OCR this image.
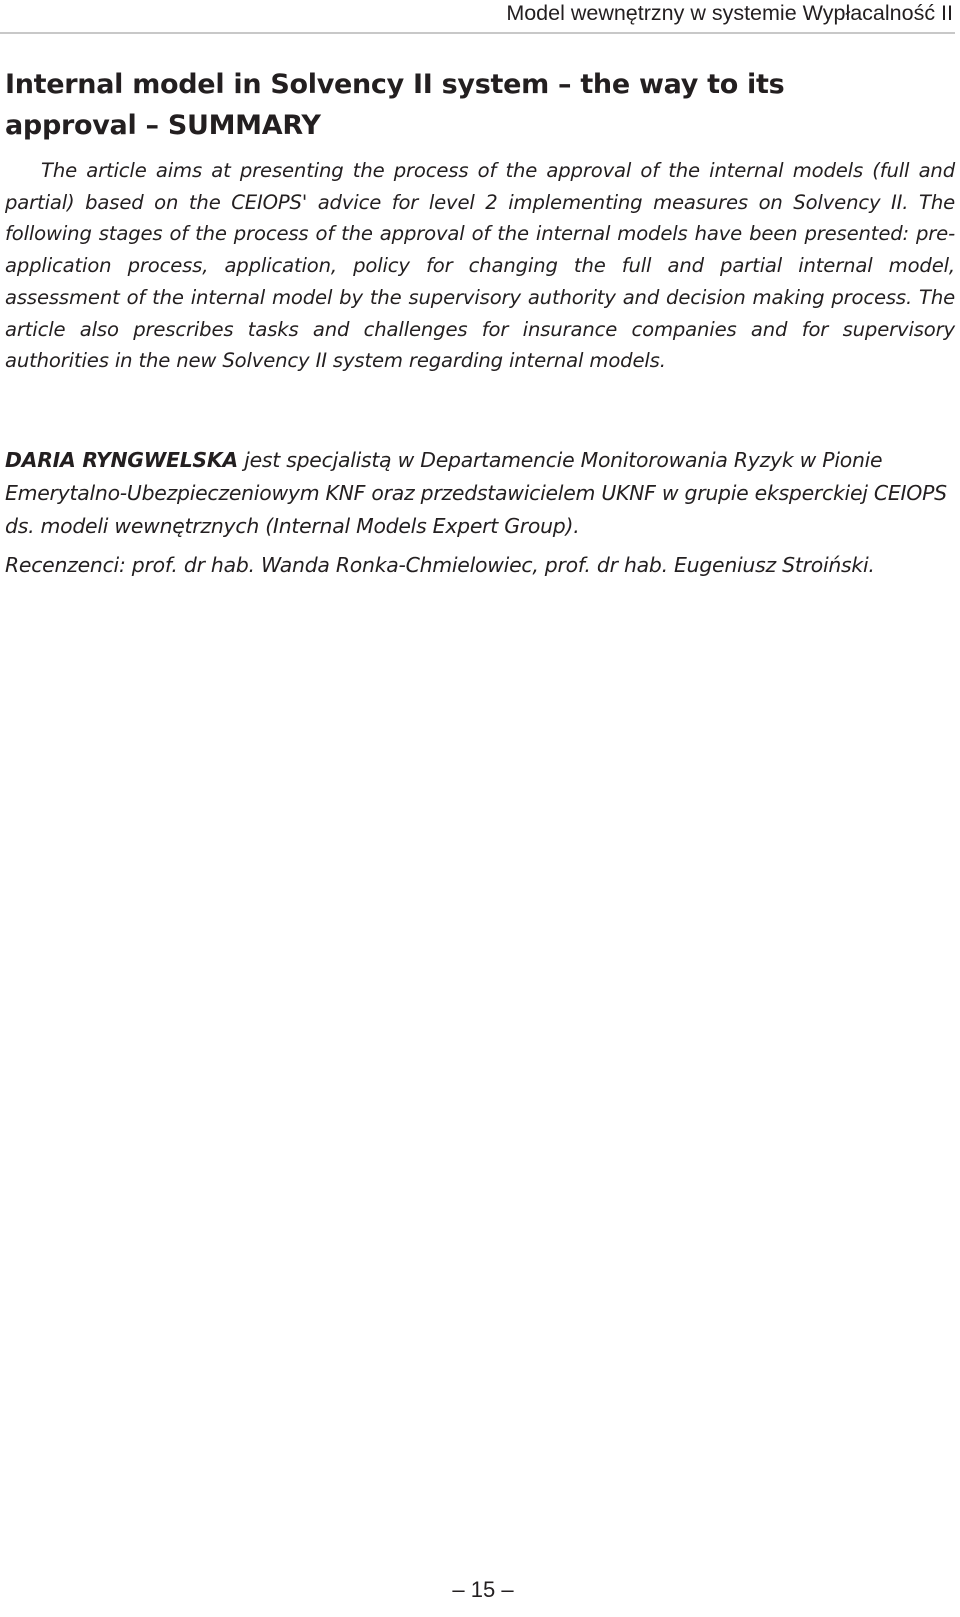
Model wewnętrzny w systemie Wypłacalność II
Internal model in Solvency II system – the way to its approval – SUMMARY

The article aims at presenting the process of the approval of the internal models (full and partial) based on the CEIOPS' advice for level 2 implementing measures on Solvency II. The following stages of the process of the approval of the internal models have been presented: pre-application process, application, policy for changing the full and partial internal model, assessment of the internal model by the supervisory authority and decision making process. The article also prescribes tasks and challenges for insurance companies and for supervisory authorities in the new Solvency II system regarding internal models.

DARIA RYNGWELSKA jest specjalistą w Departamencie Monitorowania Ryzyk w Pionie Emerytalno-Ubezpieczeniowym KNF oraz przedstawicielem UKNF w grupie eksperckiej CEIOPS ds. modeli wewnętrznych (Internal Models Expert Group).

Recenzenci: prof. dr hab. Wanda Ronka-Chmielowiec, prof. dr hab. Eugeniusz Stroiński.

– 15 –
